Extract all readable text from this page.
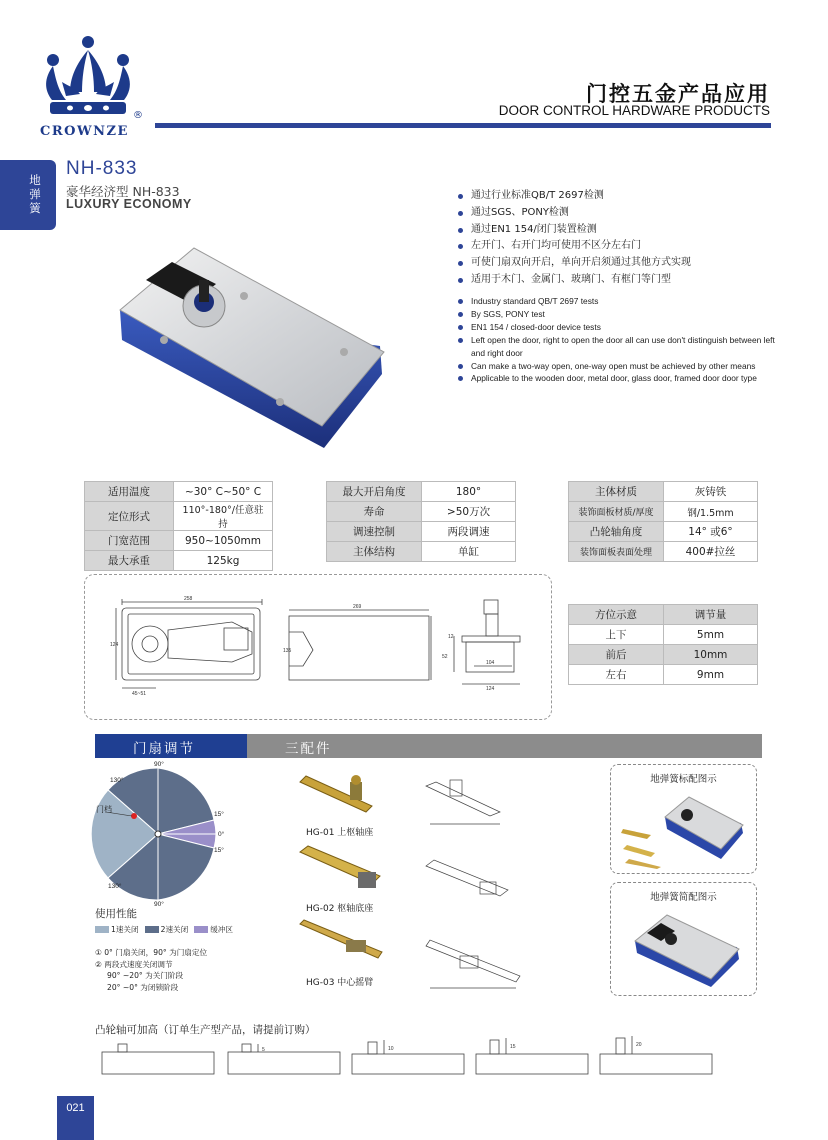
CROWNZE
®
门控五金产品应用
DOOR CONTROL HARDWARE PRODUCTS
地
弹
簧
NH-833
豪华经济型 NH-833
LUXURY ECONOMY
通过行业标准QB/T 2697检测
通过SGS、PONY检测
通过EN1 154/闭门装置检测
左开门、右开门均可使用不区分左右门
可使门扇双向开启，单向开启须通过其他方式实现
适用于木门、金属门、玻璃门、有框门等门型
Industry standard QB/T 2697 tests
By SGS, PONY test
EN1 154 / closed-door device tests
Left open the door, right to open the door all can use don't distinguish between left and right door
Can make a two-way open, one-way open must be achieved by other means
Applicable to the wooden door, metal door, glass door, framed door door type
适用温度	~30° C~50° C
定位形式	110°-180°/任意驻持
门宽范围	950~1050mm
最大承重	125kg
最大开启角度	180°
寿命	>50万次
调速控制	两段调速
主体结构	单缸
主体材质	灰铸铁
装饰面板材质/厚度	钢/1.5mm
凸轮轴角度	14° 或6°
装饰面板表面处理	400#拉丝
258
124
45~51
269
135
12
52
104
124
方位示意	调节量
上下	5mm
前后	10mm
左右	9mm
门扇调节	三配件
90°
130°
15°
0°
15°
130°
90°
门档
使用性能
1速关闭	2速关闭	缓冲区
① 0° 门扇关闭，90° 为门扇定位
② 两段式速度关闭调节
90° ~20° 为关门阶段
20° ~0° 为闭锁阶段
HG-01 上枢轴座
HG-02 枢轴底座
HG-03 中心摇臂
地弹簧标配图示
地弹簧简配图示
凸轮轴可加高（订单生产型产品，请提前订购）
5	10	15	20
021
